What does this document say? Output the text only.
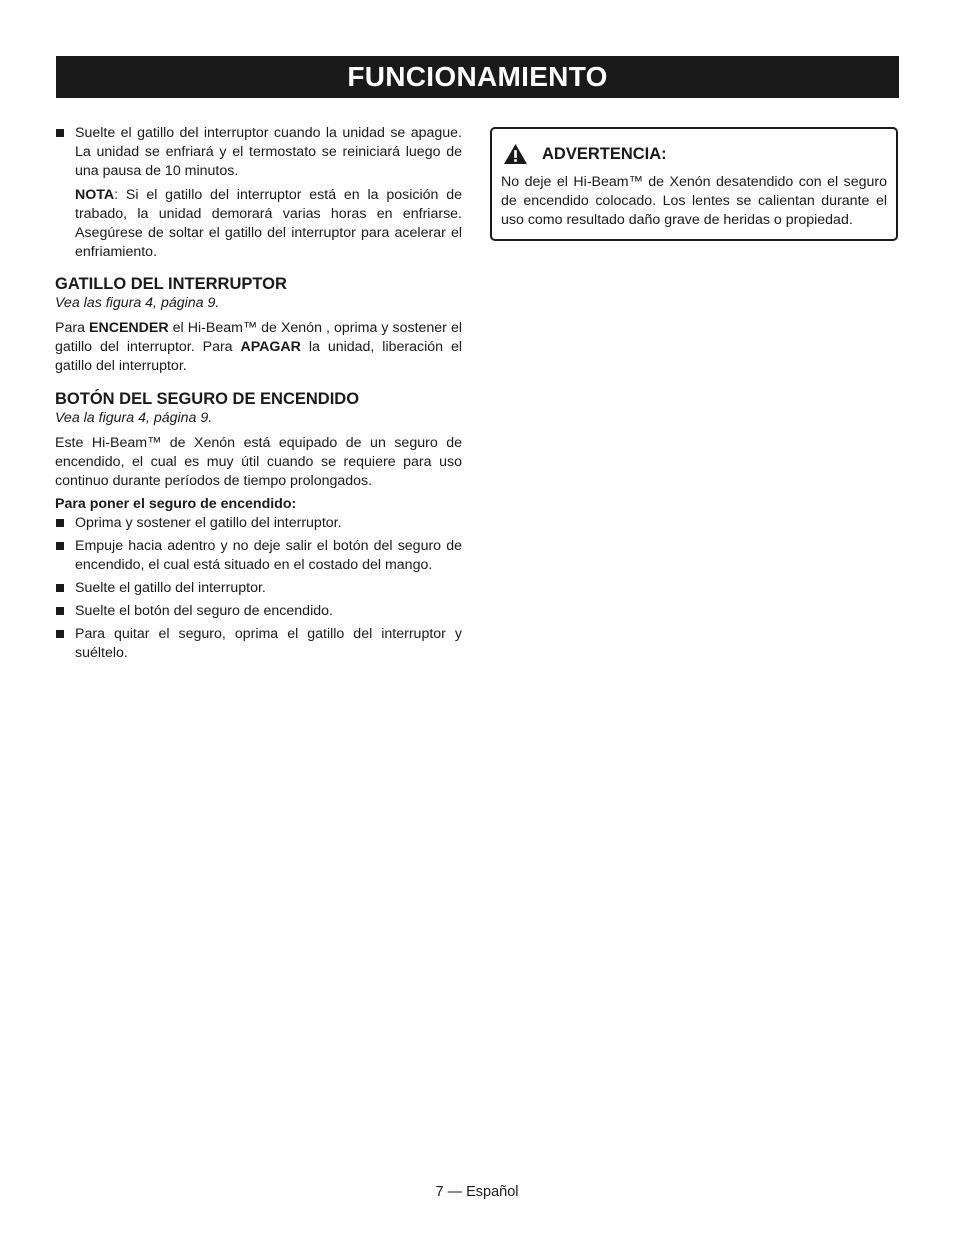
FUNCIONAMIENTO
Suelte el gatillo del interruptor cuando la unidad se apague. La unidad se enfriará y el termostato se reiniciará luego de una pausa de 10 minutos.
NOTA: Si el gatillo del interruptor está en la posición de trabado, la unidad demorará varias horas en enfriarse. Asegúrese de soltar el gatillo del interruptor para acelerar el enfriamiento.
GATILLO DEL INTERRUPTOR
Vea las figura 4, página 9.

Para ENCENDER el Hi-Beam™ de Xenón , oprima y sostener el gatillo del interruptor. Para APAGAR la unidad, liberación el gatillo del interruptor.

BOTÓN DEL SEGURO DE ENCENDIDO
Vea la figura 4, página 9.

Este Hi-Beam™ de Xenón está equipado de un seguro de encendido, el cual es muy útil cuando se requiere para uso continuo durante períodos de tiempo prolongados.

Para poner el seguro de encendido:
Oprima y sostener el gatillo del interruptor.
Empuje hacia adentro y no deje salir el botón del seguro de encendido, el cual está situado en el costado del mango.
Suelte el gatillo del interruptor.
Suelte el botón del seguro de encendido.
Para quitar el seguro, oprima el gatillo del interruptor y suéltelo.
ADVERTENCIA:

No deje el Hi-Beam™ de Xenón desatendido con el seguro de encendido colocado. Los lentes se calientan durante el uso como resultado daño grave de heridas o propiedad.

7 — Español
